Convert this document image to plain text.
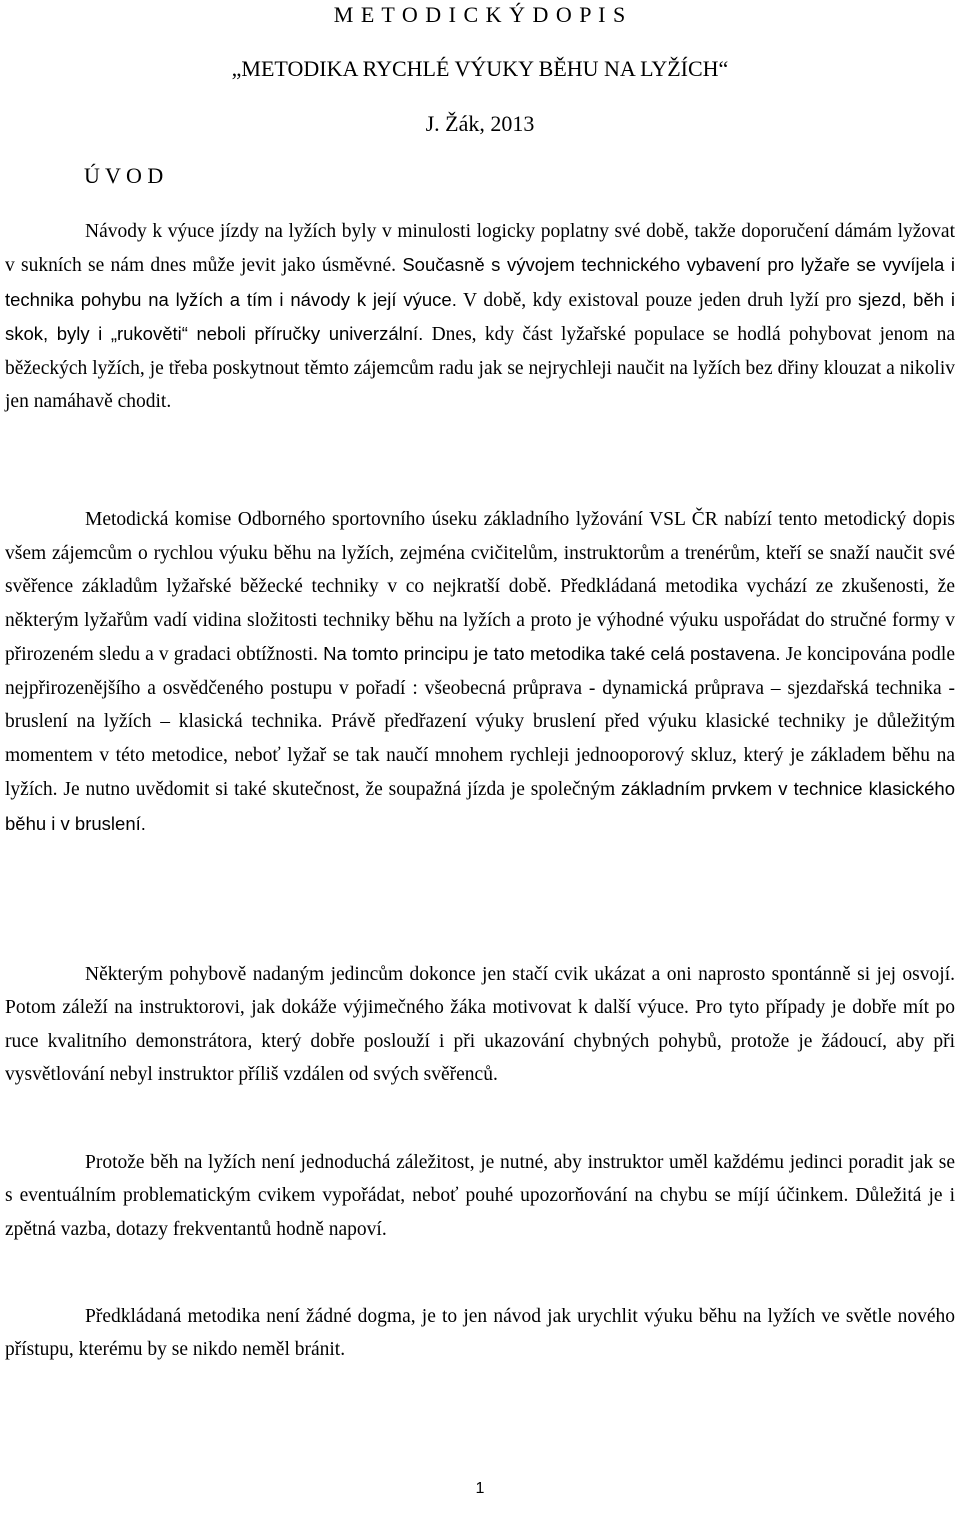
M E T O D I C K Ý D O P I S

„METODIKA RYCHLÉ VÝUKY BĚHU NA LYŽÍCH“

J. Žák, 2013

Ú V O D

Návody k výuce jízdy na lyžích byly v minulosti logicky poplatny své době, takže doporučení dámám lyžovat v sukních se nám dnes může jevit jako úsměvné. Současně s vývojem technického vybavení pro lyžaře se vyvíjela i technika pohybu na lyžích a tím i návody k její výuce. V době, kdy existoval pouze jeden druh lyží pro sjezd, běh i skok, byly i „rukověti“ neboli příručky univerzální. Dnes, kdy část lyžařské populace se hodlá pohybovat jenom na běžeckých lyžích, je třeba poskytnout těmto zájemcům radu jak se nejrychleji naučit na lyžích bez dřiny klouzat a nikoliv jen namáhavě chodit.

Metodická komise Odborného sportovního úseku základního lyžování VSL ČR nabízí tento metodický dopis všem zájemcům o rychlou výuku běhu na lyžích, zejména cvičitelům, instruktorům a trenérům, kteří se snaží naučit své svěřence základům lyžařské běžecké techniky v co nejkratší době. Předkládaná metodika vychází ze zkušenosti, že některým lyžařům vadí vidina složitosti techniky běhu na lyžích a proto je výhodné výuku uspořádat do stručné formy v přirozeném sledu a v gradaci obtížnosti. Na tomto principu je tato metodika také celá postavena. Je koncipována podle nejpřirozenějšího a osvědčeného postupu v pořadí : všeobecná průprava - dynamická průprava – sjezdařská technika - bruslení na lyžích – klasická technika. Právě předřazení výuky bruslení před výuku klasické techniky je důležitým momentem v této metodice, neboť lyžař se tak naučí mnohem rychleji jednooporový skluz, který je základem běhu na lyžích. Je nutno uvědomit si také skutečnost, že soupažná jízda je společným základním prvkem v technice klasického běhu i v bruslení.

Některým pohybově nadaným jedincům dokonce jen stačí cvik ukázat a oni naprosto spontánně si jej osvojí. Potom záleží na instruktorovi, jak dokáže výjimečného žáka motivovat k další výuce. Pro tyto případy je dobře mít po ruce kvalitního demonstrátora, který dobře poslouží i při ukazování chybných pohybů, protože je žádoucí, aby při vysvětlování nebyl instruktor příliš vzdálen od svých svěřenců.

Protože běh na lyžích není jednoduchá záležitost, je nutné, aby instruktor uměl každému jedinci poradit jak se s eventuálním problematickým cvikem vypořádat, neboť pouhé upozorňování na chybu se míjí účinkem. Důležitá je i zpětná vazba, dotazy frekventantů hodně napoví.

Předkládaná metodika není žádné dogma, je to jen návod jak urychlit výuku běhu na lyžích ve světle nového přístupu, kterému by se nikdo neměl bránit.

1
